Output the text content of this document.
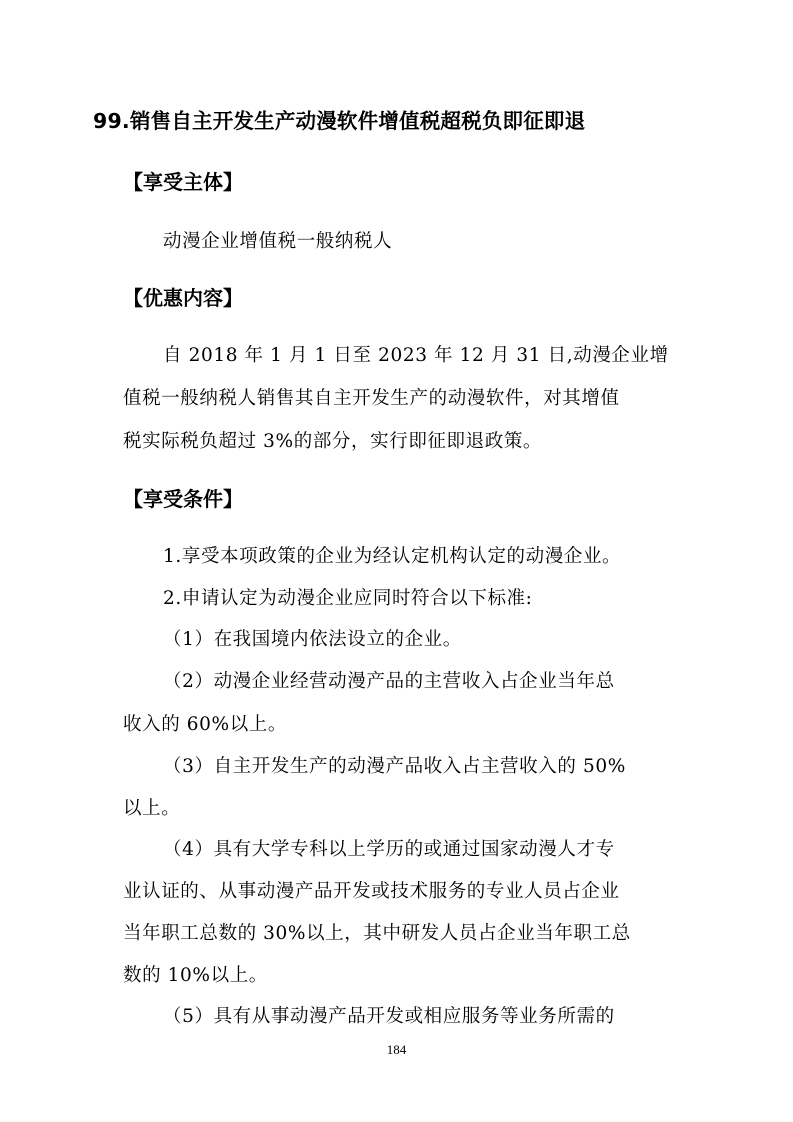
99.销售自主开发生产动漫软件增值税超税负即征即退
【享受主体】
动漫企业增值税一般纳税人
【优惠内容】
自 2018 年 1 月 1 日至 2023 年 12 月 31 日,动漫企业增
值税一般纳税人销售其自主开发生产的动漫软件，对其增值
税实际税负超过 3%的部分，实行即征即退政策。
【享受条件】
1.享受本项政策的企业为经认定机构认定的动漫企业。
2.申请认定为动漫企业应同时符合以下标准:
（1）在我国境内依法设立的企业。
（2）动漫企业经营动漫产品的主营收入占企业当年总
收入的 60%以上。
（3）自主开发生产的动漫产品收入占主营收入的 50%
以上。
（4）具有大学专科以上学历的或通过国家动漫人才专
业认证的、从事动漫产品开发或技术服务的专业人员占企业
当年职工总数的 30%以上，其中研发人员占企业当年职工总
数的 10%以上。
（5）具有从事动漫产品开发或相应服务等业务所需的
184
